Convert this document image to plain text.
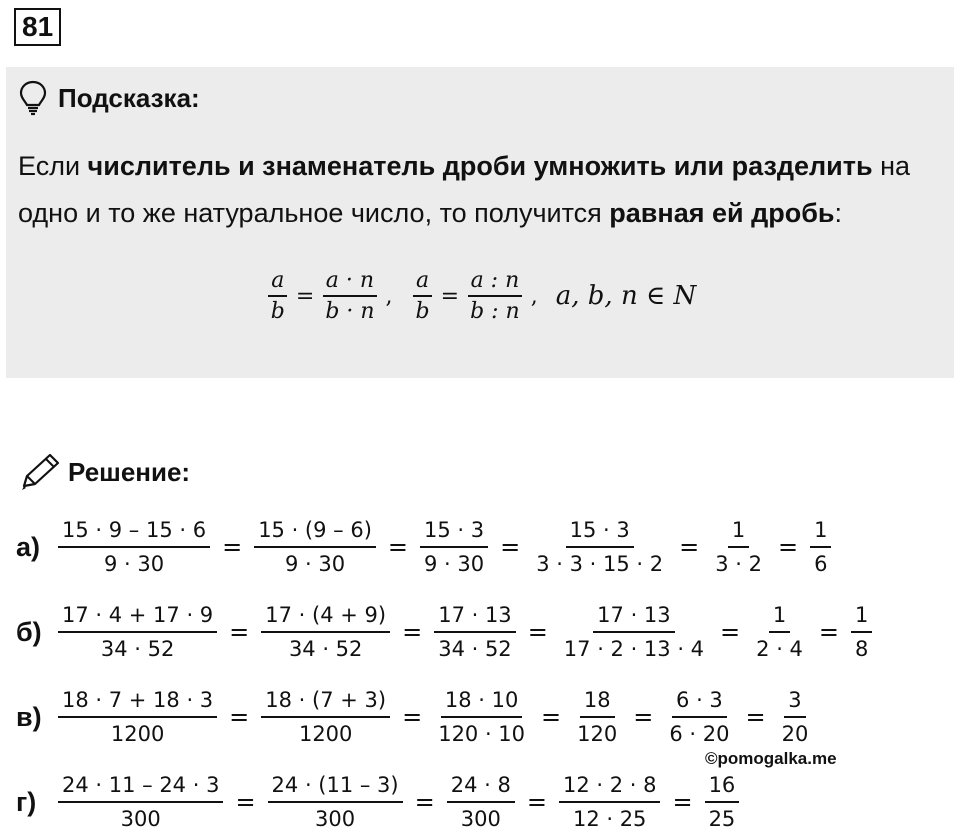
81
Подсказка:
Если числитель и знаменатель дроби умножить или разделить на одно и то же натуральное число, то получится равная ей дробь:
$\frac{a}{b} = \frac{a \cdot n}{b \cdot n}$ , $\frac{a}{b} = \frac{a : n}{b : n}$ , a, b, n ∈ N
Решение:
$а) \frac{15 \cdot 9 - 15 \cdot 6}{9 \cdot 30} = \frac{15 \cdot (9 - 6)}{9 \cdot 30} = \frac{15 \cdot 3}{9 \cdot 30} = \frac{15 \cdot 3}{3 \cdot 3 \cdot 15 \cdot 2} = \frac{1}{3 \cdot 2} = \frac{1}{6}$
$б) \frac{17 \cdot 4 + 17 \cdot 9}{34 \cdot 52} = \frac{17 \cdot (4 + 9)}{34 \cdot 52} = \frac{17 \cdot 13}{34 \cdot 52} = \frac{17 \cdot 13}{17 \cdot 2 \cdot 13 \cdot 4} = \frac{1}{2 \cdot 4} = \frac{1}{8}$
$в) \frac{18 \cdot 7 + 18 \cdot 3}{1200} = \frac{18 \cdot (7 + 3)}{1200} = \frac{18 \cdot 10}{120 \cdot 10} = \frac{18}{120} = \frac{6 \cdot 3}{6 \cdot 20} = \frac{3}{20}$
г)	$\frac{24 \cdot 11 - 24 \cdot 3}{300} = \frac{24 \cdot (11 - 3)}{300} = \frac{24 \cdot 8}{300} = \frac{12 \cdot 2 \cdot 8}{12 \cdot 25} = \frac{16}{25}$
©pomogalka.me
